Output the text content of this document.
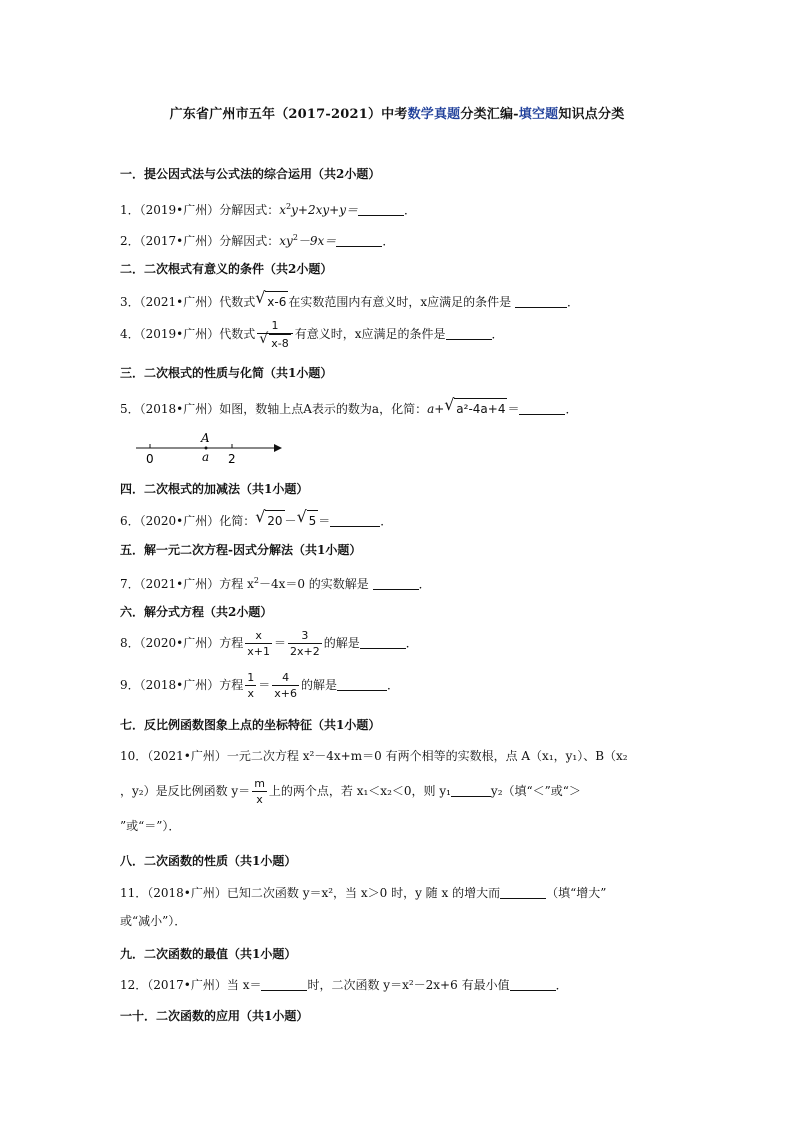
广东省广州市五年（2017-2021）中考数学真题分类汇编-填空题知识点分类
一．提公因式法与公式法的综合运用（共2小题）
1．（2019•广州）分解因式：$x^2y+2xy+y=$	．
2．（2017•广州）分解因式：$xy^2-9x=$	．
二．二次根式有意义的条件（共2小题）
3．（2021•广州）代数式 √ x-6 在实数范围内有意义时，x应满足的条件是	．
4．（2019•广州）代数式 $\frac{1}{√ x-8}$ 有意义时，x应满足的条件是	．
三．二次根式的性质与化简（共1小题）
5．（2018•广州）如图，数轴上点A表示的数为a，化简：a+ √ a²-4a+4 ＝	．
A
a
0	2
四．二次根式的加减法（共1小题）
6．（2020•广州）化简： √ 20 － √ 5 ＝	．
五．解一元二次方程-因式分解法（共1小题）
7．（2021•广州）方程 $x^2-4x=0$ 的实数解是	．
六．解分式方程（共2小题）
8．（2020•广州）方程 $\frac{x}{x+1} = \frac{3}{2x+2}$ 的解是	．
9．（2018•广州）方程 $\frac{1}{x} = \frac{4}{x+6}$ 的解是	．
七．反比例函数图象上点的坐标特征（共1小题）
10．（2021•广州）一元二次方程 x²－4x+m＝0 有两个相等的实数根，点 A（x₁，y₁）、B（x₂
，y₂）是反比例函数 $y= \frac{m}{x}$ 上的两个点，若 x₁＜x₂＜0，则 y₁	y₂（填“＜”或“＞
”或“＝”）．
八．二次函数的性质（共1小题）
11．（2018•广州）已知二次函数 y＝x²，当 x＞0 时，y 随 x 的增大而	（填“增大”
或“减小”）．
九．二次函数的最值（共1小题）
12．（2017•广州）当 x＝	时，二次函数 y＝x²－2x+6 有最小值	．
一十．二次函数的应用（共1小题）
